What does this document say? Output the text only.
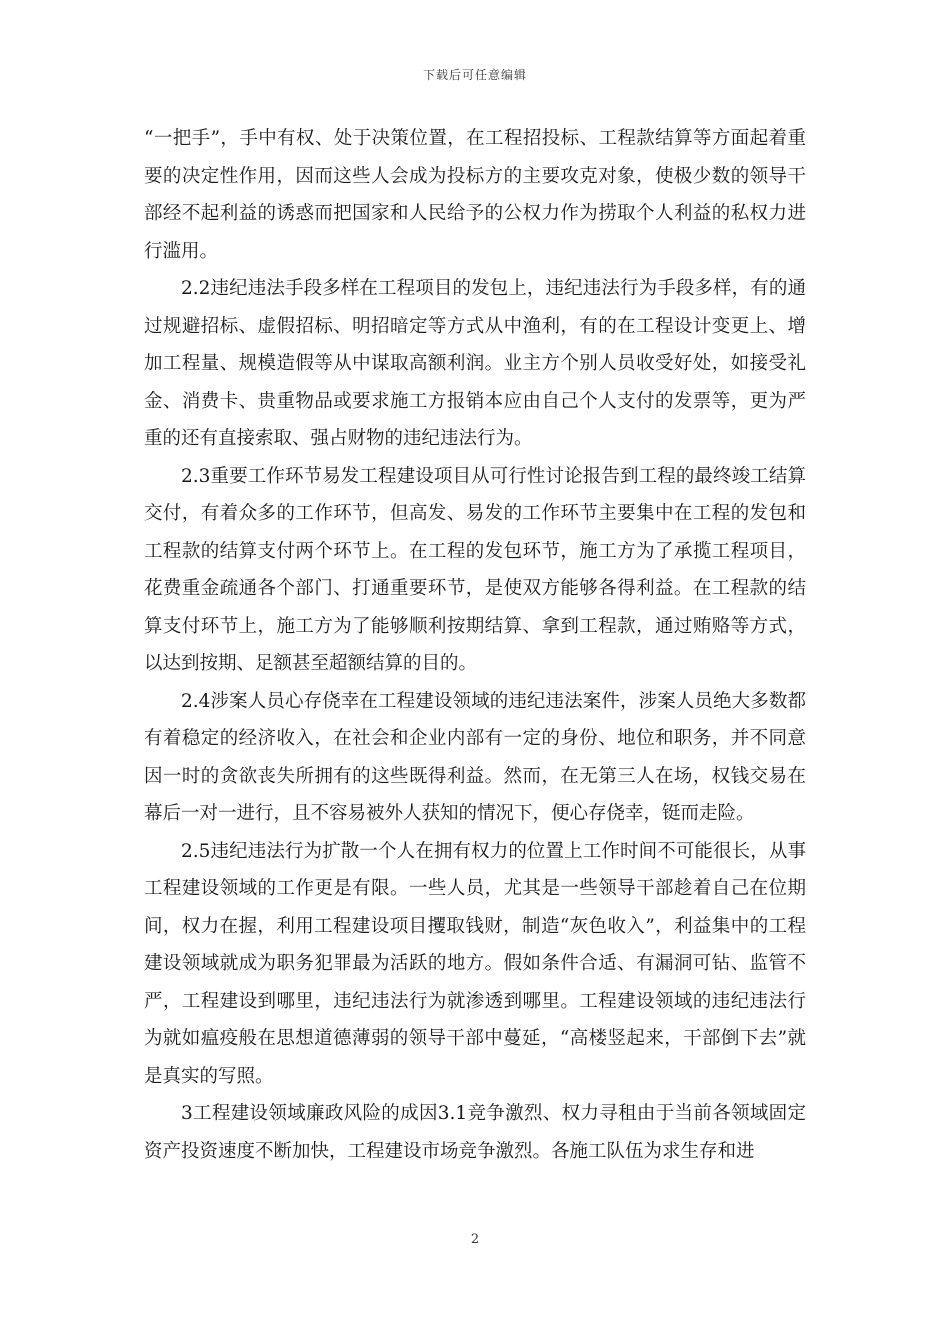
下载后可任意编辑

“一把手”，手中有权、处于决策位置，在工程招投标、工程款结算等方面起着重要的决定性作用，因而这些人会成为投标方的主要攻克对象，使极少数的领导干部经不起利益的诱惑而把国家和人民给予的公权力作为捞取个人利益的私权力进行滥用。

2.2违纪违法手段多样在工程项目的发包上，违纪违法行为手段多样，有的通过规避招标、虚假招标、明招暗定等方式从中渔利，有的在工程设计变更上、增加工程量、规模造假等从中谋取高额利润。业主方个别人员收受好处，如接受礼金、消费卡、贵重物品或要求施工方报销本应由自己个人支付的发票等，更为严重的还有直接索取、强占财物的违纪违法行为。

2.3重要工作环节易发工程建设项目从可行性讨论报告到工程的最终竣工结算交付，有着众多的工作环节，但高发、易发的工作环节主要集中在工程的发包和工程款的结算支付两个环节上。在工程的发包环节，施工方为了承揽工程项目，花费重金疏通各个部门、打通重要环节，是使双方能够各得利益。在工程款的结算支付环节上，施工方为了能够顺利按期结算、拿到工程款，通过贿赂等方式，以达到按期、足额甚至超额结算的目的。

2.4涉案人员心存侥幸在工程建设领域的违纪违法案件，涉案人员绝大多数都有着稳定的经济收入，在社会和企业内部有一定的身份、地位和职务，并不同意因一时的贪欲丧失所拥有的这些既得利益。然而，在无第三人在场，权钱交易在幕后一对一进行，且不容易被外人获知的情况下，便心存侥幸，铤而走险。

2.5违纪违法行为扩散一个人在拥有权力的位置上工作时间不可能很长，从事工程建设领域的工作更是有限。一些人员，尤其是一些领导干部趁着自己在位期间，权力在握，利用工程建设项目攫取钱财，制造“灰色收入”，利益集中的工程建设领域就成为职务犯罪最为活跃的地方。假如条件合适、有漏洞可钻、监管不严，工程建设到哪里，违纪违法行为就渗透到哪里。工程建设领域的违纪违法行为就如瘟疫般在思想道德薄弱的领导干部中蔓延，“高楼竖起来，干部倒下去”就是真实的写照。

3工程建设领域廉政风险的成因3.1竞争激烈、权力寻租由于当前各领域固定资产投资速度不断加快，工程建设市场竞争激烈。各施工队伍为求生存和进

2
